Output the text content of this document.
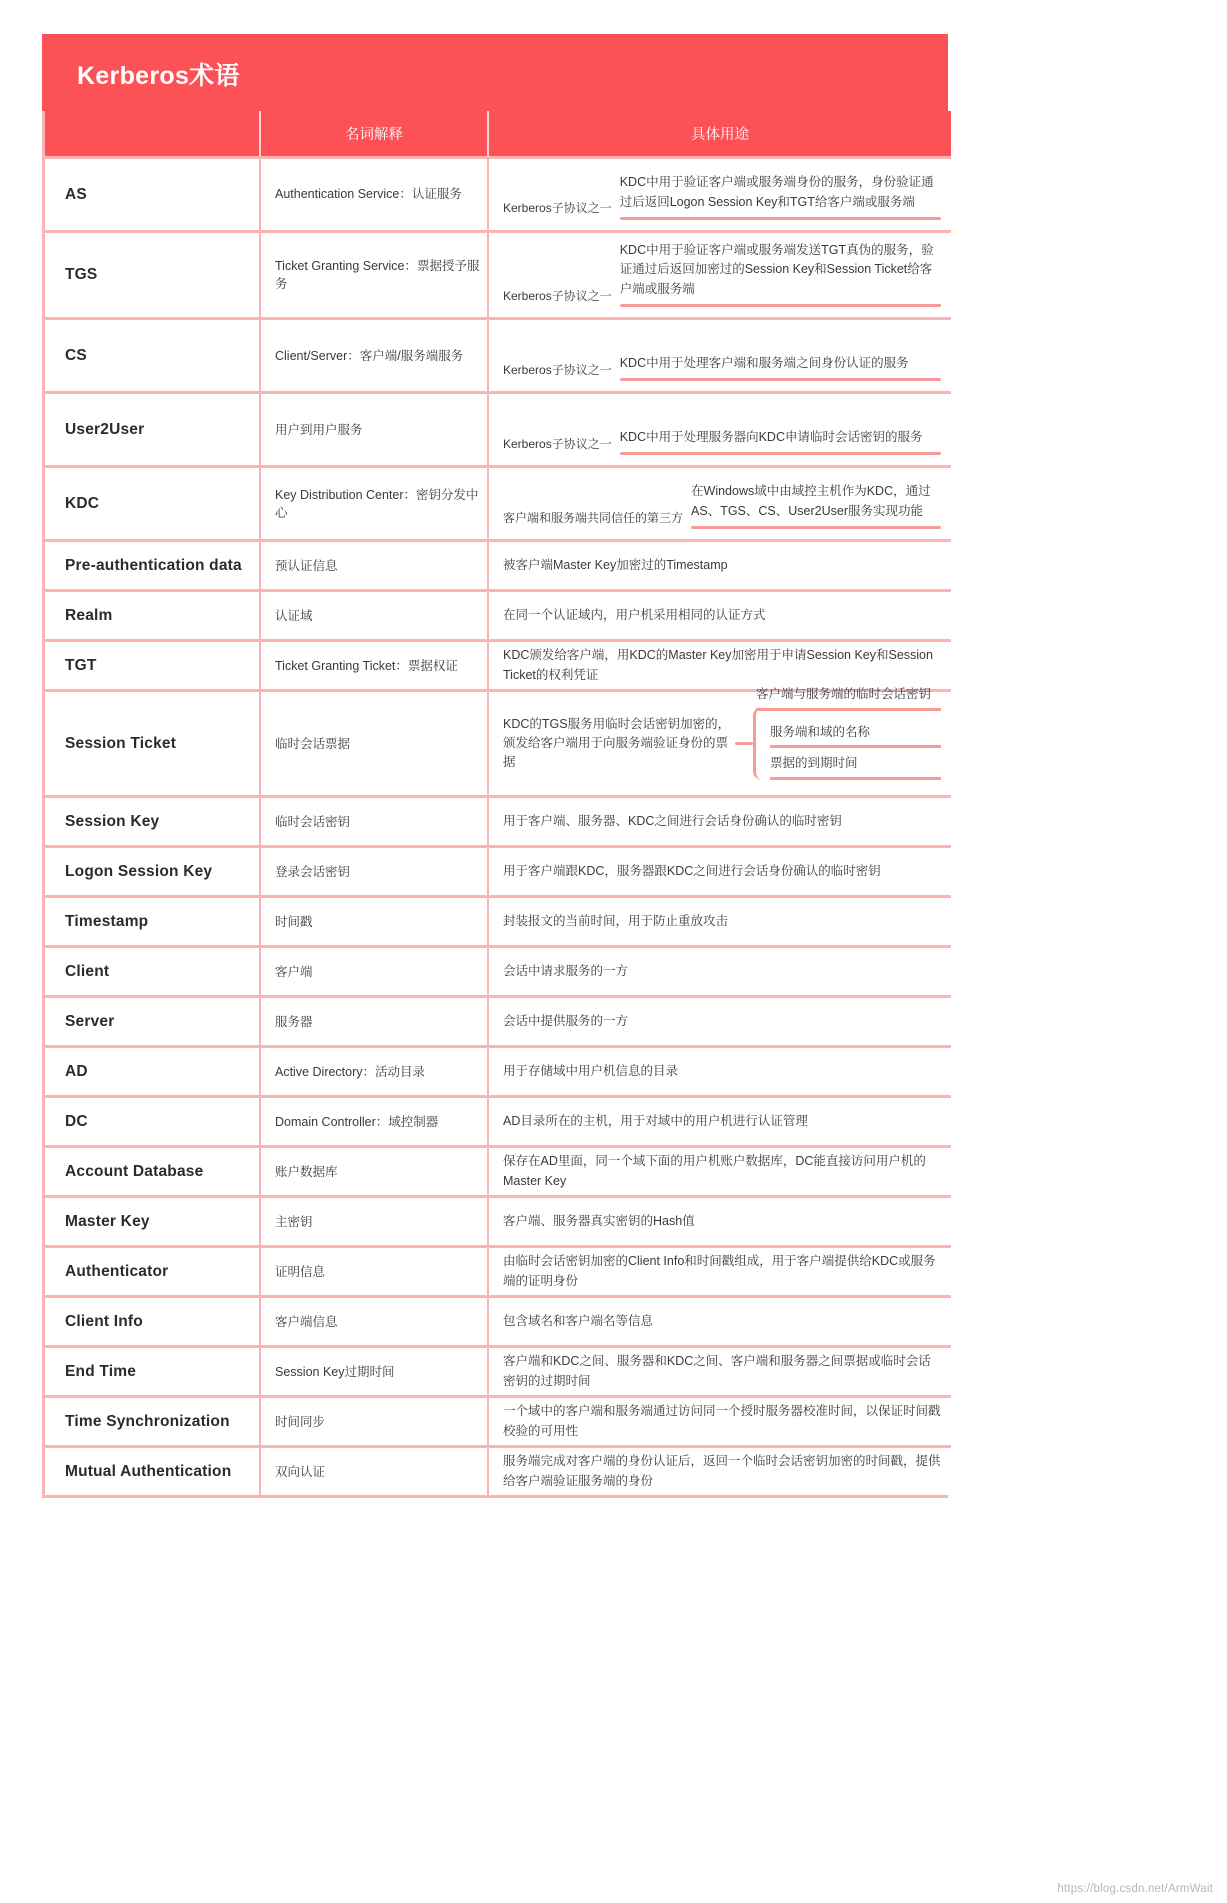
Kerberos术语
	名词解释	具体用途
AS	Authentication Service：认证服务	Kerberos子协议之一
KDC中用于验证客户端或服务端身份的服务，身份验证通过后返回Logon Session Key和TGT给客户端或服务端

TGS	Ticket Granting Service：票据授予服务	Kerberos子协议之一
KDC中用于验证客户端或服务端发送TGT真伪的服务，验证通过后返回加密过的Session Key和Session Ticket给客户端或服务端

CS	Client/Server：客户端/服务端服务	Kerberos子协议之一 KDC中用于处理客户端和服务端之间身份认证的服务

User2User	用户到用户服务	Kerberos子协议之一 KDC中用于处理服务器向KDC申请临时会话密钥的服务

KDC	Key Distribution Center：密钥分发中心	客户端和服务端共同信任的第三方
在Windows域中由域控主机作为KDC，通过AS、TGS、CS、User2User服务实现功能

Pre-authentication data	预认证信息	被客户端Master Key加密过的Timestamp

Realm	认证域	在同一个认证域内，用户机采用相同的认证方式

TGT	Ticket Granting Ticket：票据权证	KDC颁发给客户端，用KDC的Master Key加密用于申请Session Key和Session Ticket的权利凭证

Session Ticket	临时会话票据	KDC的TGS服务用临时会话密钥加密的，颁发给客户端用于向服务端验证身份的票据
客户端与服务端的临时会话密钥
服务端和域的名称
票据的到期时间

Session Key	临时会话密钥	用于客户端、服务器、KDC之间进行会话身份确认的临时密钥

Logon Session Key	登录会话密钥	用于客户端跟KDC，服务器跟KDC之间进行会话身份确认的临时密钥

Timestamp	时间戳	封装报文的当前时间，用于防止重放攻击

Client	客户端	会话中请求服务的一方

Server	服务器	会话中提供服务的一方

AD	Active Directory：活动目录	用于存储域中用户机信息的目录

DC	Domain Controller：域控制器	AD目录所在的主机，用于对域中的用户机进行认证管理

Account Database	账户数据库	保存在AD里面，同一个域下面的用户机账户数据库，DC能直接访问用户机的Master Key

Master Key	主密钥	客户端、服务器真实密钥的Hash值

Authenticator	证明信息	由临时会话密钥加密的Client Info和时间戳组成，用于客户端提供给KDC或服务端的证明身份

Client Info	客户端信息	包含域名和客户端名等信息

End Time	Session Key过期时间	客户端和KDC之间、服务器和KDC之间、客户端和服务器之间票据或临时会话密钥的过期时间

Time Synchronization	时间同步	一个域中的客户端和服务端通过访问同一个授时服务器校准时间，以保证时间戳校验的可用性

Mutual Authentication	双向认证	服务端完成对客户端的身份认证后，返回一个临时会话密钥加密的时间戳，提供给客户端验证服务端的身份
https://blog.csdn.net/ArmWait
